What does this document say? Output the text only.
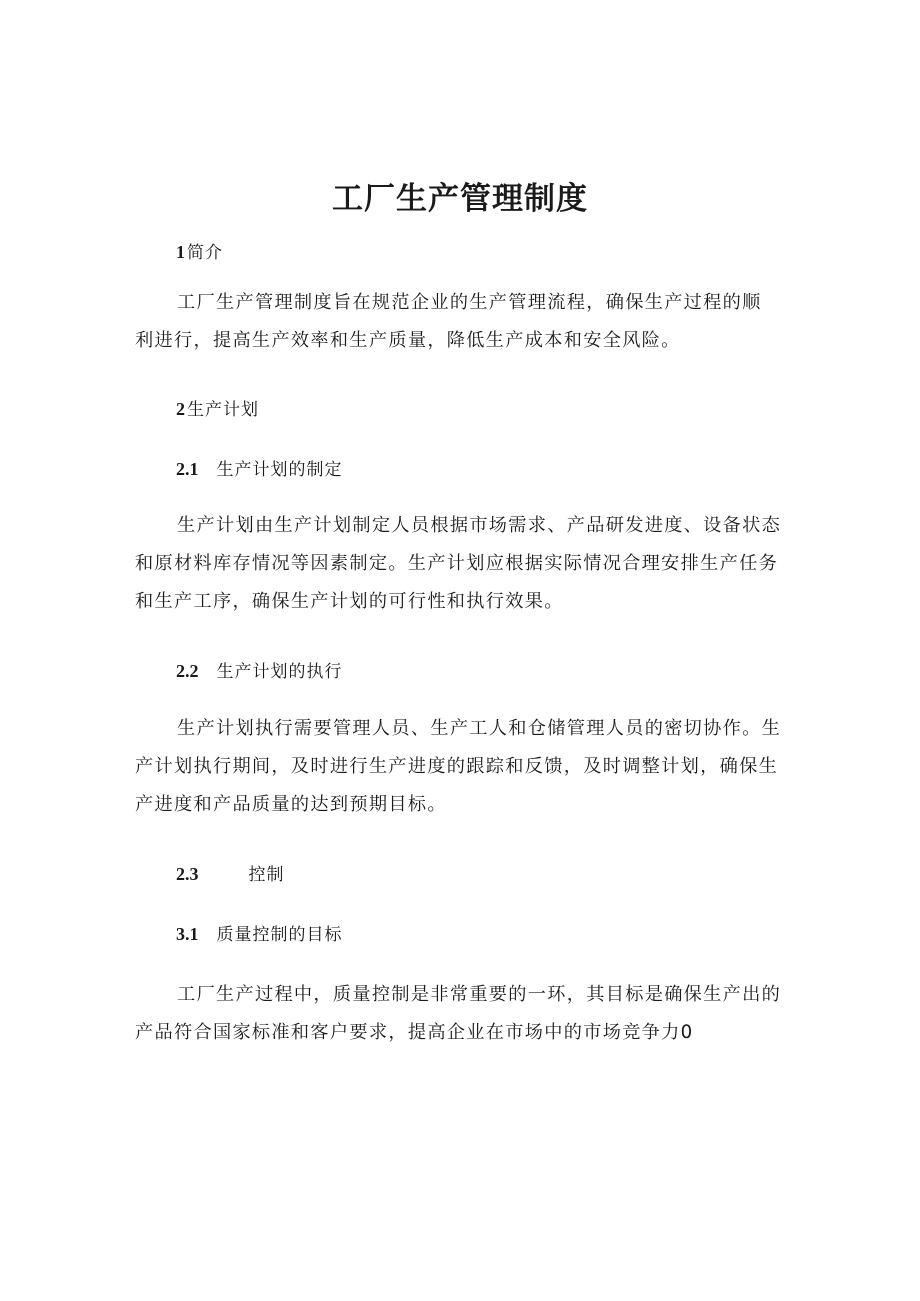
工厂生产管理制度
1 简介

工厂生产管理制度旨在规范企业的生产管理流程，确保生产过程的顺
利进行，提高生产效率和生产质量，降低生产成本和安全风险。

2 生产计划
2.1 生产计划的制定

生产计划由生产计划制定人员根据市场需求、产品研发进度、设备状态
和原材料库存情况等因素制定。生产计划应根据实际情况合理安排生产任务
和生产工序，确保生产计划的可行性和执行效果。

2.2 生产计划的执行

生产计划执行需要管理人员、生产工人和仓储管理人员的密切协作。生
产计划执行期间，及时进行生产进度的跟踪和反馈，及时调整计划，确保生
产进度和产品质量的达到预期目标。

2.3	控制
3.1 质量控制的目标

工厂生产过程中，质量控制是非常重要的一环，其目标是确保生产出的
产品符合国家标准和客户要求，提高企业在市场中的市场竞争力0
